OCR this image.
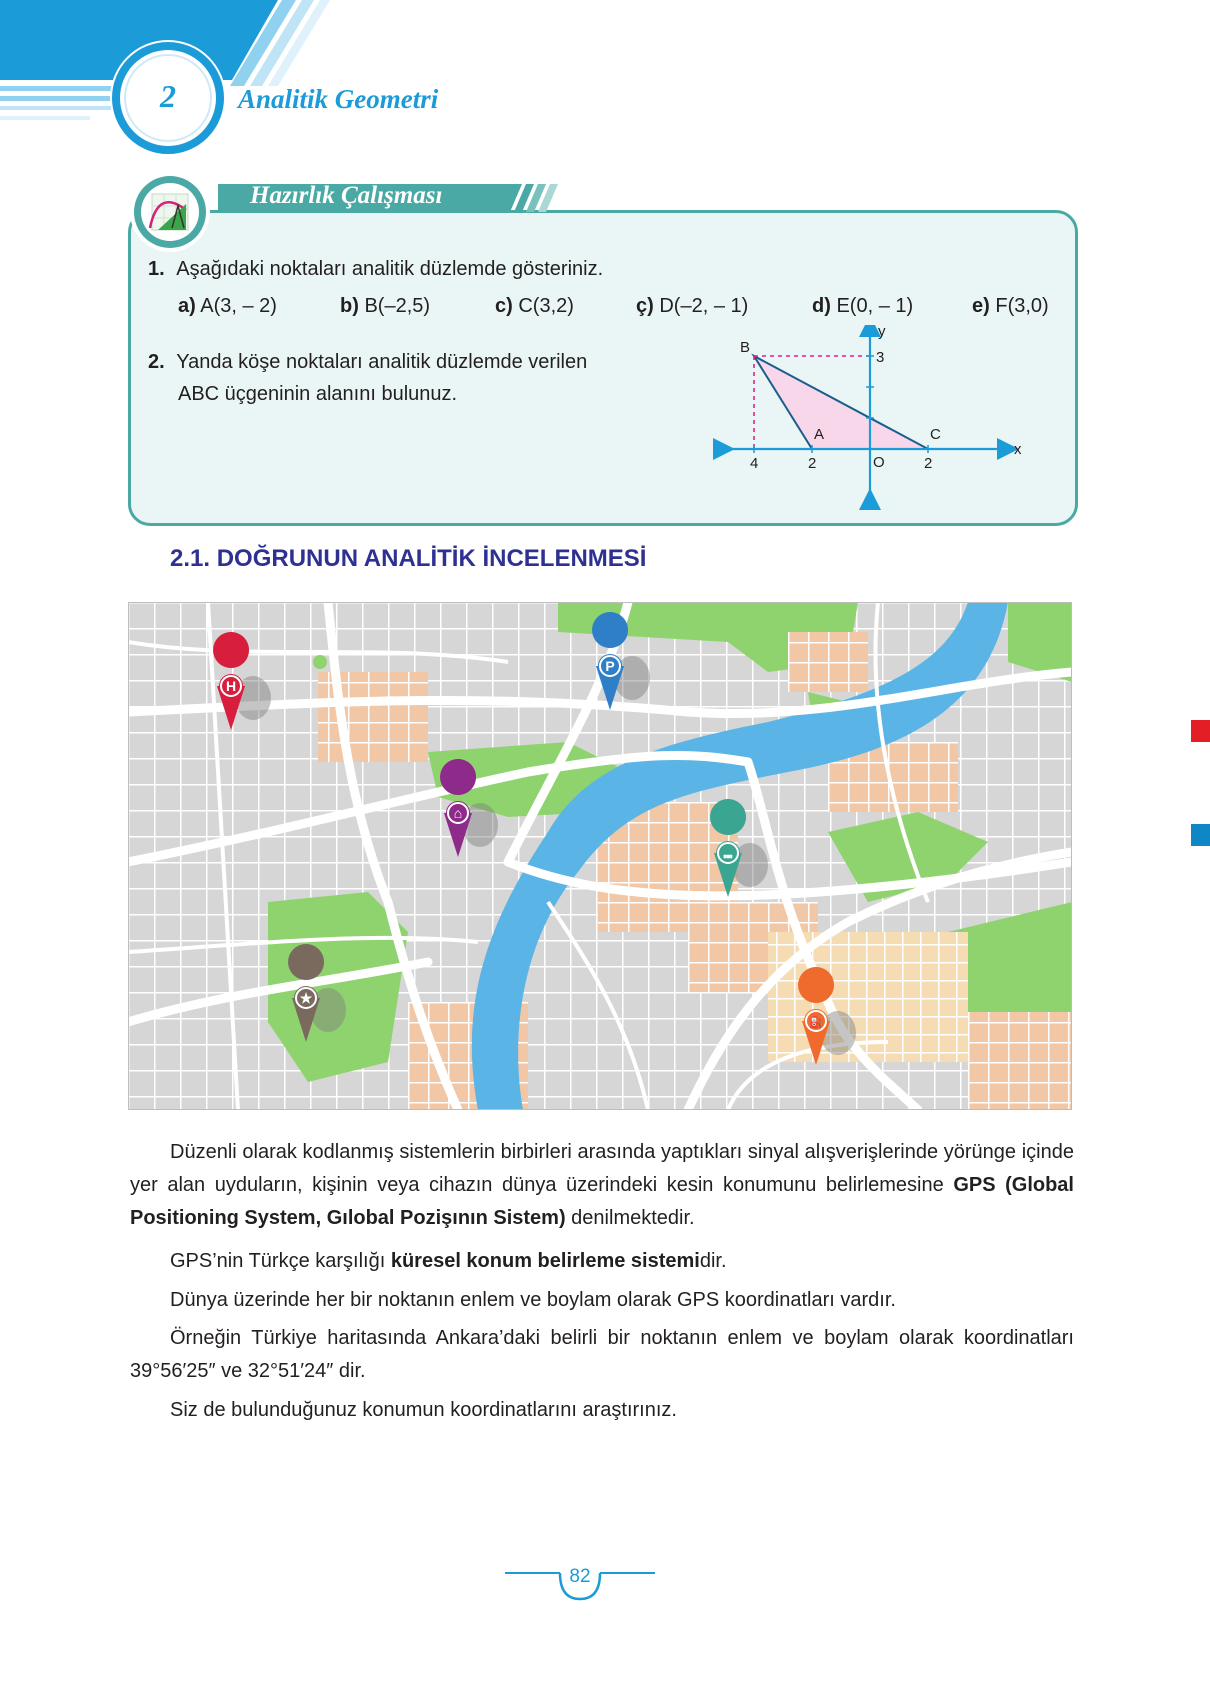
2	Analitik Geometri
Hazırlık Çalışması
1. Aşağıdaki noktaları analitik düzlemde gösteriniz.
a) A(3, – 2)	b) B(–2,5)	c) C(3,2)	ç) D(–2, – 1)	d) E(0, – 1)	e) F(3,0)
2. Yanda köşe noktaları analitik düzlemde verilen
ABC üçgeninin alanını bulunuz.
B
A	C
O
x
y
4	2	2
3
2.1. DOĞRUNUN ANALİTİK İNCELENMESİ
H
P
⌂
⑉
★
⛽
Düzenli olarak kodlanmış sistemlerin birbirleri arasında yaptıkları sinyal alışverişlerinde yörünge içinde yer alan uyduların, kişinin veya cihazın dünya üzerindeki kesin konumunu belirlemesine GPS (Global Positioning System, Gılobal Pozişının Sistem) denilmektedir.
GPS’nin Türkçe karşılığı küresel konum belirleme sistemidir.
Dünya üzerinde her bir noktanın enlem ve boylam olarak GPS koordinatları vardır.
Örneğin Türkiye haritasında Ankara’daki belirli bir noktanın enlem ve boylam olarak koordinatları 39°56′25″ ve 32°51′24″ dir.
Siz de bulunduğunuz konumun koordinatlarını araştırınız.
82
